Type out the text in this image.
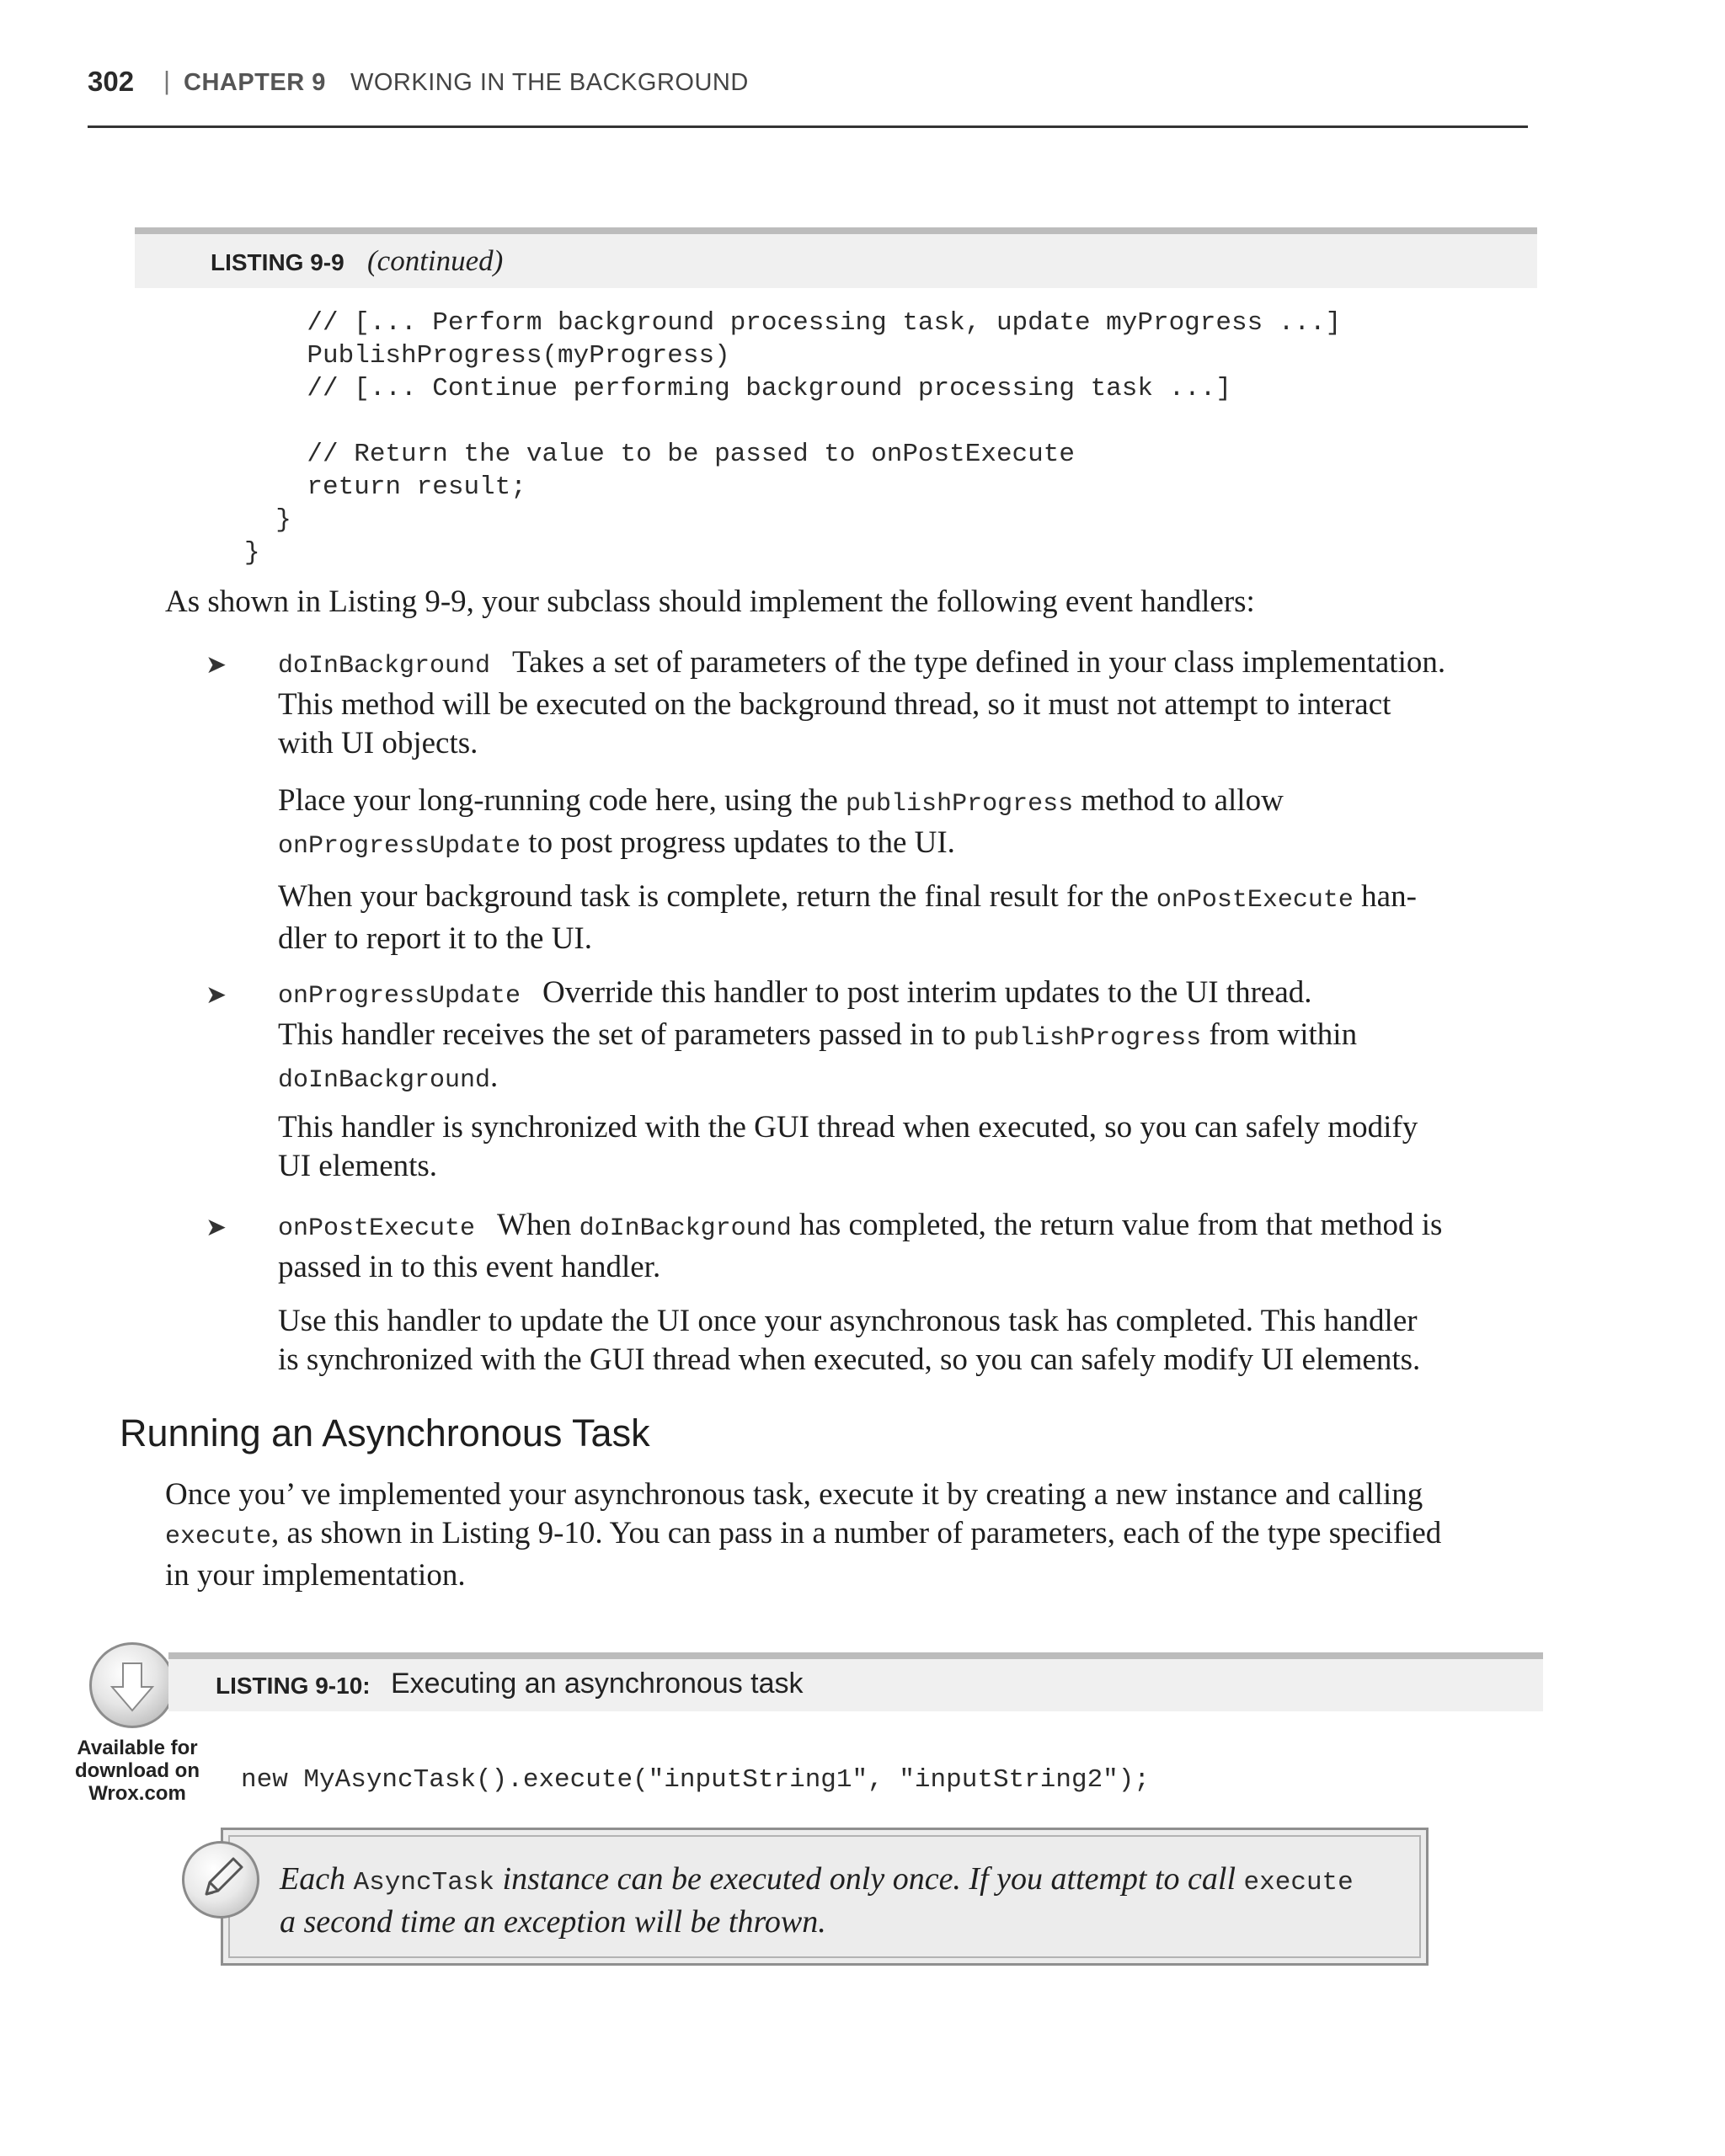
302 | CHAPTER 9 WORKING IN THE BACKGROUND
LISTING 9-9 (continued)
// [... Perform background processing task, update myProgress ...]
PublishProgress(myProgress)
// [... Continue performing background processing task ...]
// Return the value to be passed to onPostExecute
return result;
}
}
As shown in Listing 9-9, your subclass should implement the following event handlers:
➤ doInBackground Takes a set of parameters of the type defined in your class implementation.
This method will be executed on the background thread, so it must not attempt to interact
with UI objects.
Place your long-running code here, using the publishProgress method to allow
onProgressUpdate to post progress updates to the UI.
When your background task is complete, return the final result for the onPostExecute han-
dler to report it to the UI.
➤ onProgressUpdate Override this handler to post interim updates to the UI thread.
This handler receives the set of parameters passed in to publishProgress from within
doInBackground.
This handler is synchronized with the GUI thread when executed, so you can safely modify
UI elements.
➤ onPostExecute When doInBackground has completed, the return value from that method is
passed in to this event handler.
Use this handler to update the UI once your asynchronous task has completed. This handler
is synchronized with the GUI thread when executed, so you can safely modify UI elements.
Running an Asynchronous Task
Once you’ ve implemented your asynchronous task, execute it by creating a new instance and calling
execute, as shown in Listing 9-10. You can pass in a number of parameters, each of the type specified
in your implementation.
Available for
download on
Wrox.com
LISTING 9-10: Executing an asynchronous task
new MyAsyncTask().execute("inputString1", "inputString2");
Each AsyncTask instance can be executed only once. If you attempt to call execute
a second time an exception will be thrown.
